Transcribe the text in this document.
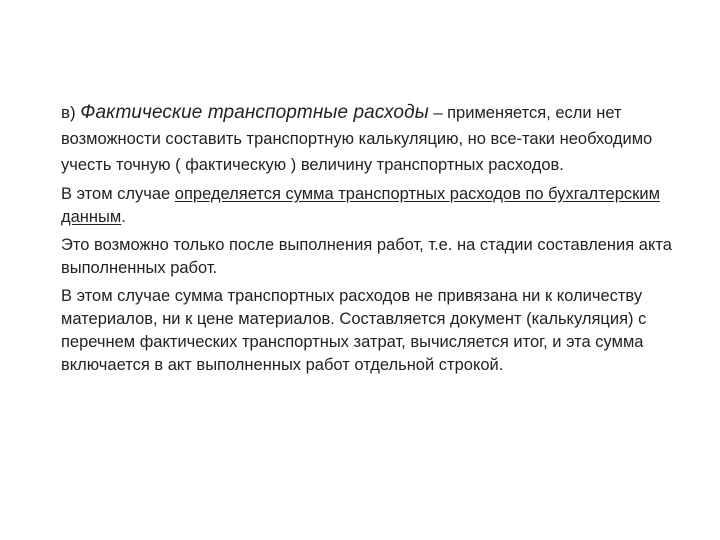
в) Фактические транспортные расходы – применяется, если нет возможности составить транспортную калькуляцию, но все-таки необходимо учесть точную ( фактическую ) величину транспортных расходов.

В этом случае определяется сумма транспортных расходов по бухгалтерским данным.

Это возможно только после выполнения работ, т.е. на стадии составления акта выполненных работ.

В этом случае сумма транспортных расходов не привязана ни к количеству материалов, ни к цене материалов. Составляется документ (калькуляция) с перечнем фактических транспортных затрат, вычисляется итог, и эта сумма включается в акт выполненных работ отдельной строкой.
